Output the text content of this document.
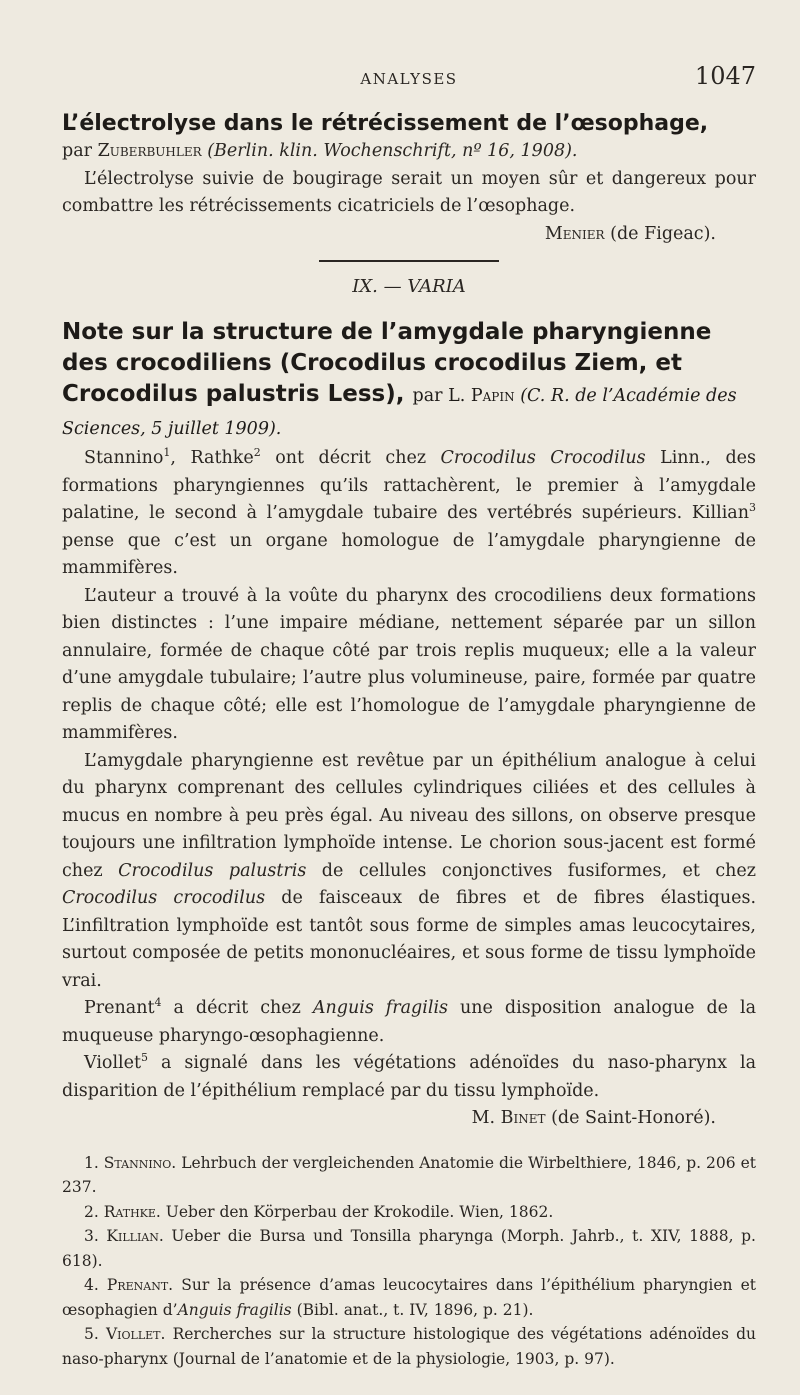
ANALYSES	1047
L’électrolyse dans le rétrécissement de l’œsophage,

par Zuberbuhler (Berlin. klin. Wochenschrift, nº 16, 1908).

L’électrolyse suivie de bougirage serait un moyen sûr et dangereux pour combattre les rétrécissements cicatriciels de l’œsophage.

Menier (de Figeac).
IX. — VARIA
Note sur la structure de l’amygdale pharyngienne des crocodiliens (Crocodilus crocodilus Ziem, et Crocodilus palustris Less), par L. Papin (C. R. de l’Académie des Sciences, 5 juillet 1909).

Stannino$^1$, Rathke$^2$ ont décrit chez Crocodilus Crocodilus Linn., des formations pharyngiennes qu’ils rattachèrent, le premier à l’amygdale palatine, le second à l’amygdale tubaire des vertébrés supérieurs. Killian$^3$ pense que c’est un organe homologue de l’amygdale pharyngienne de mammifères.

L’auteur a trouvé à la voûte du pharynx des crocodiliens deux formations bien distinctes : l’une impaire médiane, nettement séparée par un sillon annulaire, formée de chaque côté par trois replis muqueux; elle a la valeur d’une amygdale tubulaire; l’autre plus volumineuse, paire, formée par quatre replis de chaque côté; elle est l’homologue de l’amygdale pharyngienne de mammifères.

L’amygdale pharyngienne est revêtue par un épithélium analogue à celui du pharynx comprenant des cellules cylindriques ciliées et des cellules à mucus en nombre à peu près égal. Au niveau des sillons, on observe presque toujours une infiltration lymphoïde intense. Le chorion sous-jacent est formé chez Crocodilus palustris de cellules conjonctives fusiformes, et chez Crocodilus crocodilus de faisceaux de fibres et de fibres élastiques. L’infiltration lymphoïde est tantôt sous forme de simples amas leucocytaires, surtout composée de petits mononucléaires, et sous forme de tissu lymphoïde vrai.

Prenant$^4$ a décrit chez Anguis fragilis une disposition analogue de la muqueuse pharyngo-œsophagienne.

Viollet$^5$ a signalé dans les végétations adénoïdes du naso-pharynx la disparition de l’épithélium remplacé par du tissu lymphoïde.

M. Binet (de Saint-Honoré).

1. Stannino. Lehrbuch der vergleichenden Anatomie die Wirbelthiere, 1846, p. 206 et 237.

2. Rathke. Ueber den Körperbau der Krokodile. Wien, 1862.

3. Killian. Ueber die Bursa und Tonsilla pharynga (Morph. Jahrb., t. XIV, 1888, p. 618).

4. Prenant. Sur la présence d’amas leucocytaires dans l’épithélium pharyngien et œsophagien d’Anguis fragilis (Bibl. anat., t. IV, 1896, p. 21).

5. Viollet. Rercherches sur la structure histologique des végétations adénoïdes du naso-pharynx (Journal de l’anatomie et de la physiologie, 1903, p. 97).
